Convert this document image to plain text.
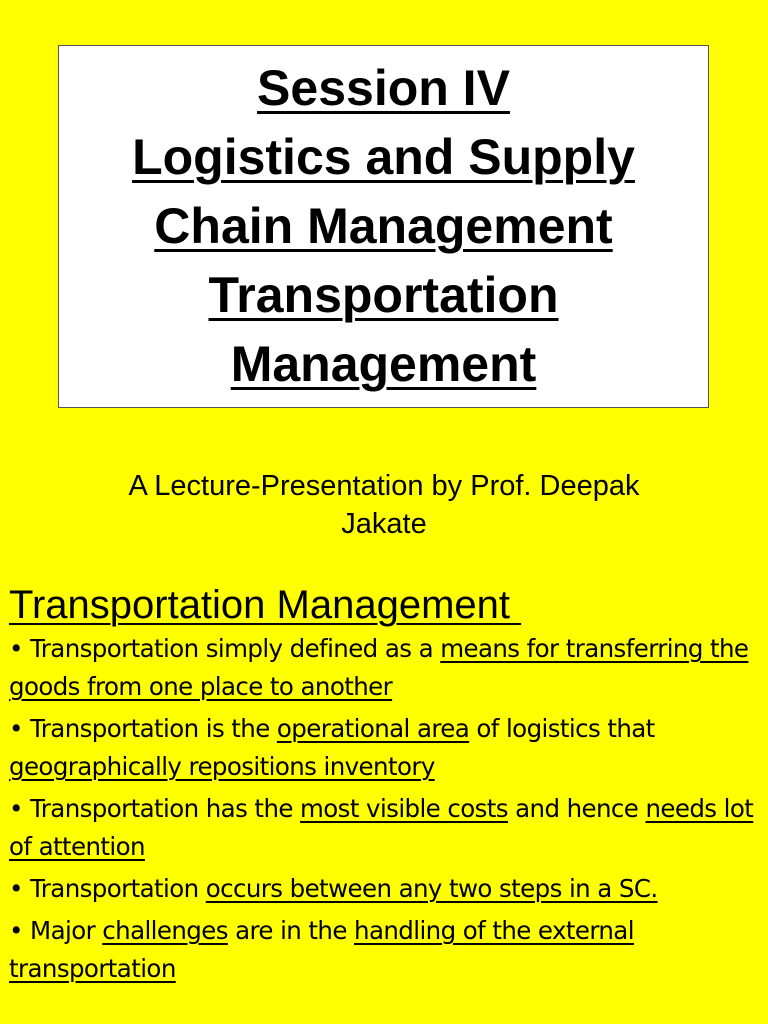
Session IV
Logistics and Supply
Chain Management
Transportation
Management
A Lecture-Presentation by Prof. Deepak
Jakate
Transportation Management
• Transportation simply defined as a means for transferring the goods from one place to another
• Transportation is the operational area of logistics that geographically repositions inventory
• Transportation has the most visible costs and hence needs lot of attention
• Transportation occurs between any two steps in a SC.
• Major challenges are in the handling of the external transportation
